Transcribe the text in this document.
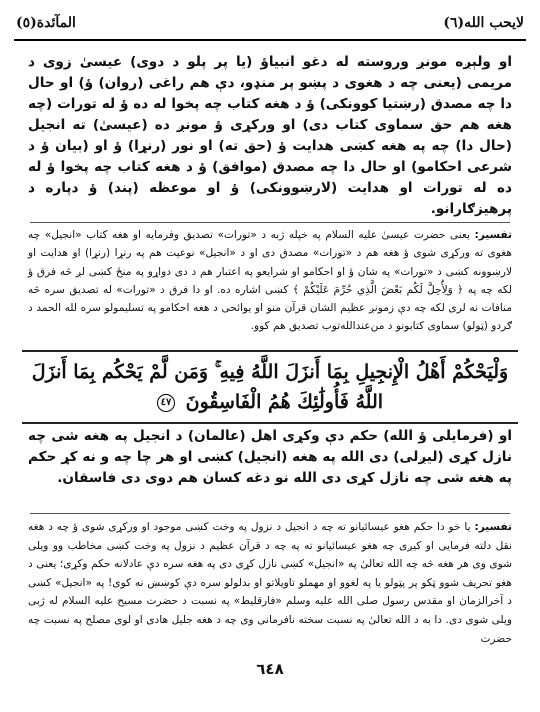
المآئدة(٥)	لايحب الله(٦)
او ولېږه مونږ وروسته له دغو انبياؤ (يا پر پلو د دوى) عيسىٰ زوى د مريمى (يعنى چه د هغوى د پښو پر منډو، دې هم راغى (روان) ؤ) او حال دا چه مصدق (رښتيا كوونكى) ؤ د هغه كتاب چه پخوا له ده ؤ له تورات (چه هغه هم حق سماوى كتاب دى) او وركړى ؤ مونږ ده (عيسىٰ) ته انجيل (حال دا) چه په هغه كښى هدايت ؤ (حق ته) او نور (رنړا) ؤ او (بيان ؤ د شرعى احكامو) او حال دا چه مصدق (موافق) ؤ د هغه كتاب چه پخوا ؤ له ده له تورات او هدايت (لارښوونكى) ؤ او موعظه (پند) ؤ دپاره د پرهيزګارانو.
تفسير: يعنى حضرت عيسىٰ عليه السلام په خپله ژبه د «تورات» تصديق وفرمايه او هغه كتاب «انجيل» چه هغوى ته وركړى شوى ؤ هغه هم د «تورات» مصدق دى او د «انجيل» نوعيت هم په رنړا (رنړا) او هدايت او لارښوونه كښى د «تورات» په شان ؤ او احكامو او شرايعو په اعتبار هم د دى دواړو په منځ كښى لږ څه فرق ؤ لكه چه په ﴿ وَلِأُحِلَّ لَكُم بَعْضَ الَّذِي حُرِّمَ عَلَيْكُمْ ﴾ كښى اشاره ده. او دا فرق د «تورات» له تصديق سره څه منافات نه لرى لكه چه دې زمونږ عظيم الشان قرآن منو او يوائحى د هغه احكامو په تسليمولو سره لله الحمد د ګردو (ټولو) سماوى كتابونو د من‌عندالله‌توب تصديق هم كوو.
وَلْيَحْكُمْ أَهْلُ الْإِنجِيلِ بِمَا أَنزَلَ اللَّهُ فِيهِ ۚ وَمَن لَّمْ يَحْكُم بِمَا أَنزَلَ اللَّهُ فَأُولَٰئِكَ هُمُ الْفَاسِقُونَ ٤٧
او (فرمايلى ؤ الله) حكم دې وكړى اهل (عالمان) د انجيل په هغه شى چه نازل كړى (ليږلى) دى الله په هغه (انجيل) كښى او هر چا چه و نه كړ حكم په هغه شى چه نازل كړى دى الله نو دغه كسان هم دوى دى فاسقان.
تفسير: يا خو دا حكم هغو عيسائيانو ته چه د انجيل د نزول په وخت كښى موجود او وركړى شوى ؤ چه د هغه نقل دلته فرمايى او كيږى چه هغو عيسائيانو ته په چه د قرآن عظيم د نزول په وخت كښى مخاطب وو ويلى شوى وى هر هغه څه چه الله تعالىٰ په «انجيل» كښى نازل كړى دى په هغه سره دې عادلانه حكم وكړى؛ يعنى د هغو تحريف شوو ټكو پر پټولو يا په لغوو او مهملو تاويلاتو او بدلولو سره دې كوښښ نه كوى! په «انجيل» كښى د آخرالزمان او مقدس رسول صلى الله عليه وسلم «فارقليط» په نسبت د حضرت مسيح عليه السلام له ژبى ويلى شوى دى. دا به د الله تعالىٰ په نسبت سخته نافرمانى وى چه د هغه جليل هادى او لوى مصلح په نسبت چه حضرت
٦٤٨
